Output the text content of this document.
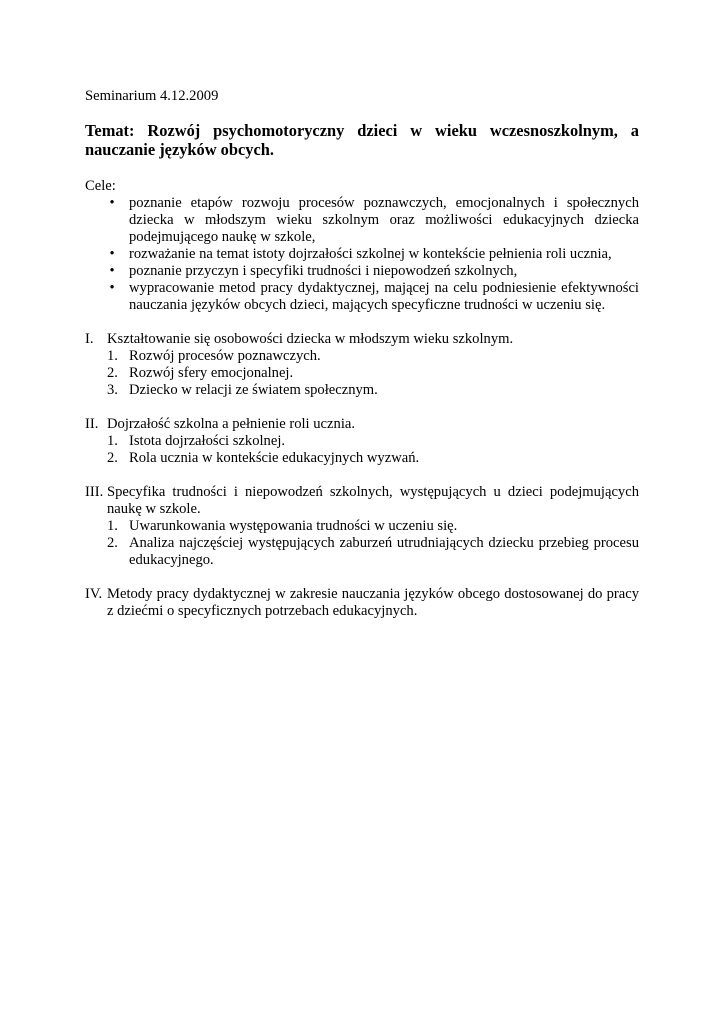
Seminarium 4.12.2009

Temat: Rozwój psychomotoryczny dzieci w wieku wczesnoszkolnym, a nauczanie języków obcych.

Cele:

• poznanie etapów rozwoju procesów poznawczych, emocjonalnych i społecznych dziecka w młodszym wieku szkolnym oraz możliwości edukacyjnych dziecka podejmującego naukę w szkole,
• rozważanie na temat istoty dojrzałości szkolnej w kontekście pełnienia roli ucznia,
• poznanie przyczyn i specyfiki trudności i niepowodzeń szkolnych,
• wypracowanie metod pracy dydaktycznej, mającej na celu podniesienie efektywności nauczania języków obcych dzieci, mających specyficzne trudności w uczeniu się.
I. Kształtowanie się osobowości dziecka w młodszym wieku szkolnym.
1. Rozwój procesów poznawczych.
2. Rozwój sfery emocjonalnej.
3. Dziecko w relacji ze światem społecznym.
II. Dojrzałość szkolna a pełnienie roli ucznia.
1. Istota dojrzałości szkolnej.
2. Rola ucznia w kontekście edukacyjnych wyzwań.
III. Specyfika trudności i niepowodzeń szkolnych, występujących u dzieci podejmujących naukę w szkole.
1. Uwarunkowania występowania trudności w uczeniu się.
2. Analiza najczęściej występujących zaburzeń utrudniających dziecku przebieg procesu edukacyjnego.
IV. Metody pracy dydaktycznej w zakresie nauczania języków obcego dostosowanej do pracy z dziećmi o specyficznych potrzebach edukacyjnych.
